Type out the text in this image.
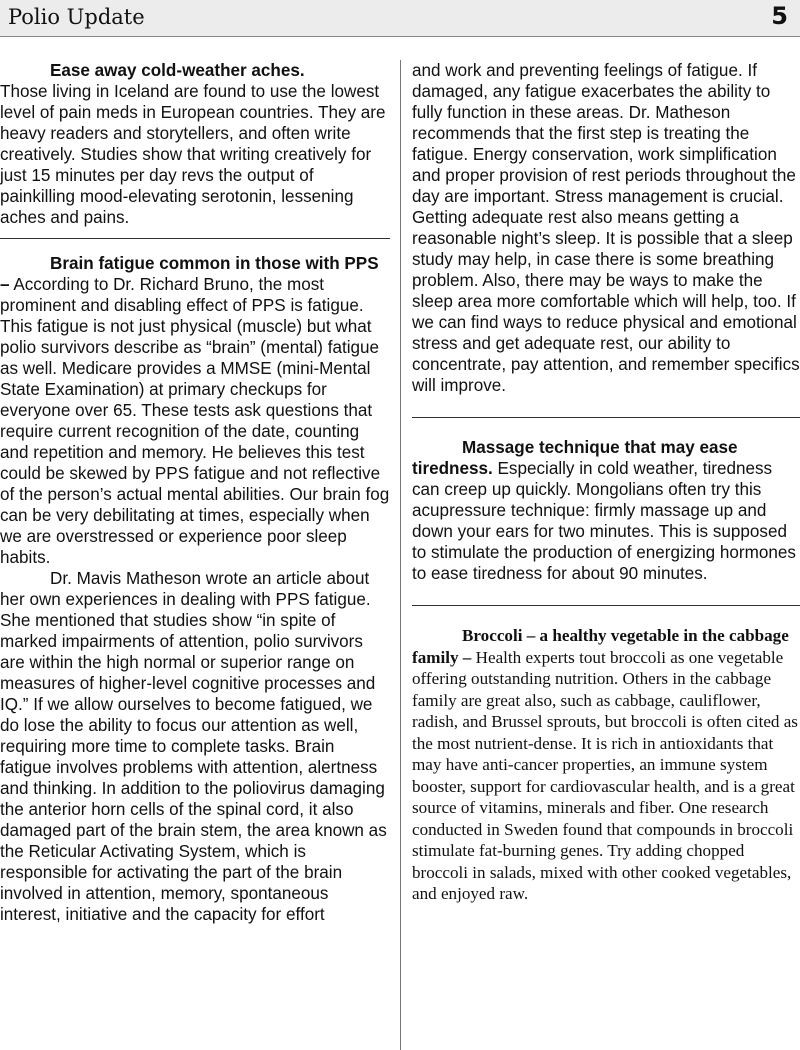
Polio Update	5

Ease away cold-weather aches.

Those living in Iceland are found to use the lowest level of pain meds in European countries. They are heavy readers and storytellers, and often write creatively. Studies show that writing creatively for just 15 minutes per day revs the output of painkilling mood-elevating serotonin, lessening aches and pains.

Brain fatigue common in those with PPS – According to Dr. Richard Bruno, the most prominent and disabling effect of PPS is fatigue. This fatigue is not just physical (muscle) but what polio survivors describe as “brain” (mental) fatigue as well. Medicare provides a MMSE (mini-Mental State Examination) at primary checkups for everyone over 65. These tests ask questions that require current recognition of the date, counting and repetition and memory. He believes this test could be skewed by PPS fatigue and not reflective of the person’s actual mental abilities. Our brain fog can be very debilitating at times, especially when we are overstressed or experience poor sleep habits.

Dr. Mavis Matheson wrote an article about her own experiences in dealing with PPS fatigue. She mentioned that studies show “in spite of marked impairments of attention, polio survivors are within the high normal or superior range on measures of higher-level cognitive processes and IQ.” If we allow ourselves to become fatigued, we do lose the ability to focus our attention as well, requiring more time to complete tasks. Brain fatigue involves problems with attention, alertness and thinking. In addition to the poliovirus damaging the anterior horn cells of the spinal cord, it also damaged part of the brain stem, the area known as the Reticular Activating System, which is responsible for activating the part of the brain involved in attention, memory, spontaneous interest, initiative and the capacity for effort

and work and preventing feelings of fatigue. If damaged, any fatigue exacerbates the ability to fully function in these areas. Dr. Matheson recommends that the first step is treating the fatigue. Energy conservation, work simplification and proper provision of rest periods throughout the day are important. Stress management is crucial. Getting adequate rest also means getting a reasonable night’s sleep. It is possible that a sleep study may help, in case there is some breathing problem. Also, there may be ways to make the sleep area more comfortable which will help, too. If we can find ways to reduce physical and emotional stress and get adequate rest, our ability to concentrate, pay attention, and remember specifics will improve.

Massage technique that may ease tiredness. Especially in cold weather, tiredness can creep up quickly. Mongolians often try this acupressure technique: firmly massage up and down your ears for two minutes. This is supposed to stimulate the production of energizing hormones to ease tiredness for about 90 minutes.

Broccoli – a healthy vegetable in the cabbage family – Health experts tout broccoli as one vegetable offering outstanding nutrition. Others in the cabbage family are great also, such as cabbage, cauliflower, radish, and Brussel sprouts, but broccoli is often cited as the most nutrient-dense. It is rich in antioxidants that may have anti-cancer properties, an immune system booster, support for cardiovascular health, and is a great source of vitamins, minerals and fiber. One research conducted in Sweden found that compounds in broccoli stimulate fat-burning genes. Try adding chopped broccoli in salads, mixed with other cooked vegetables, and enjoyed raw.
